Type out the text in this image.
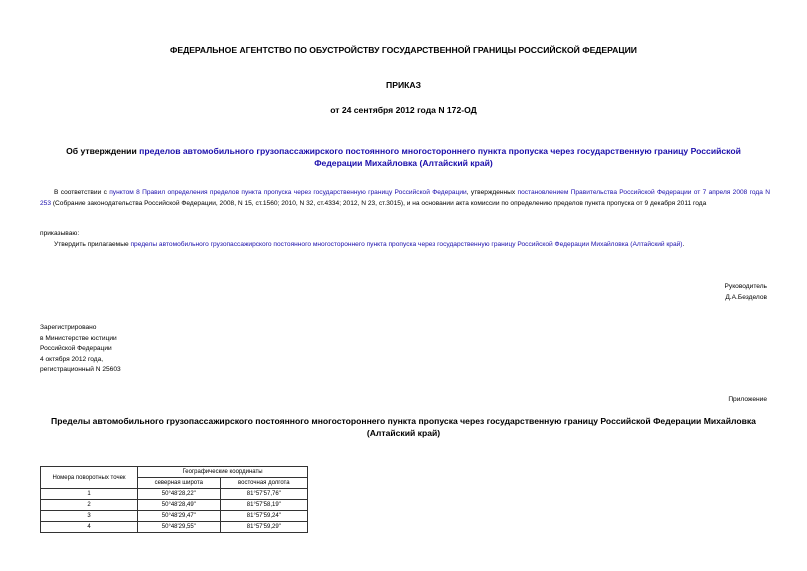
ФЕДЕРАЛЬНОЕ АГЕНТСТВО ПО ОБУСТРОЙСТВУ ГОСУДАРСТВЕННОЙ ГРАНИЦЫ РОССИЙСКОЙ ФЕДЕРАЦИИ
ПРИКАЗ
от 24 сентября 2012 года N 172-ОД
Об утверждении пределов автомобильного грузопассажирского постоянного многостороннего пункта пропуска через государственную границу Российской Федерации Михайловка (Алтайский край)
В соответствии с пунктом 8 Правил определения пределов пункта пропуска через государственную границу Российской Федерации, утвержденных постановлением Правительства Российской Федерации от 7 апреля 2008 года N 253 (Собрание законодательства Российской Федерации, 2008, N 15, ст.1560; 2010, N 32, ст.4334; 2012, N 23, ст.3015), и на основании акта комиссии по определению пределов пункта пропуска от 9 декабря 2011 года
приказываю:
Утвердить прилагаемые пределы автомобильного грузопассажирского постоянного многостороннего пункта пропуска через государственную границу Российской Федерации Михайловка (Алтайский край).
Руководитель
Д.А.Безделов
Зарегистрировано
в Министерстве юстиции
Российской Федерации
4 октября 2012 года,
регистрационный N 25603
Приложение
Пределы автомобильного грузопассажирского постоянного многостороннего пункта пропуска через государственную границу Российской Федерации Михайловка (Алтайский край)
Номера поворотных точек	Географические координаты	
	северная широта	восточная долгота
1	50°48'28,22"	81°57'57,76"
2	50°48'28,49"	81°57'58,19"
3	50°48'29,47"	81°57'59,24"
4	50°48'29,55"	81°57'59,29"
